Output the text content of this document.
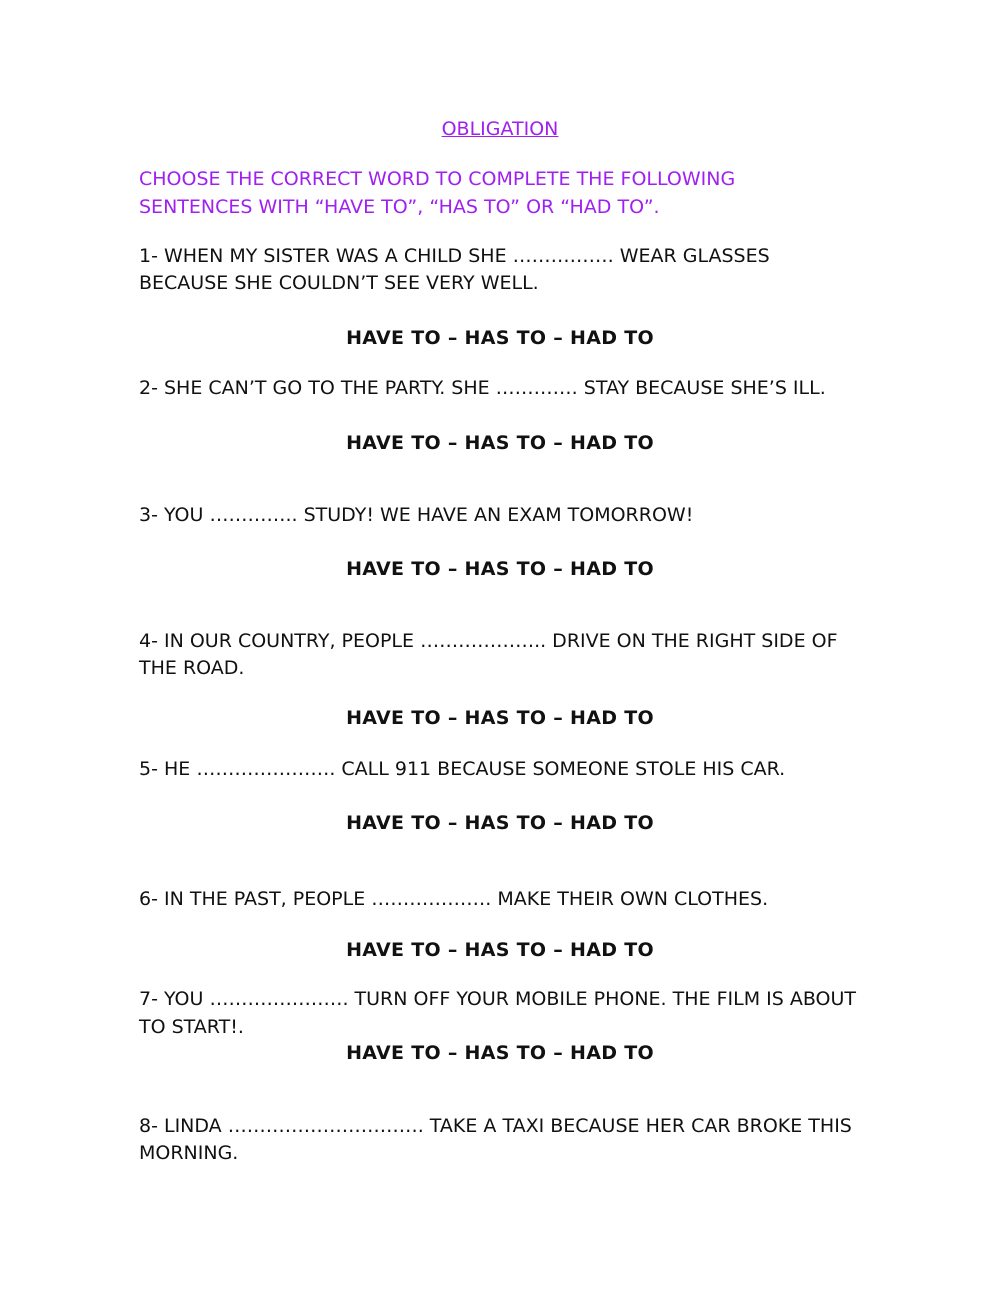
OBLIGATION
CHOOSE THE CORRECT WORD TO COMPLETE THE FOLLOWING
SENTENCES WITH “HAVE TO”, “HAS TO” OR “HAD TO”.
1- WHEN MY SISTER WAS A CHILD SHE ……………. WEAR GLASSES
BECAUSE SHE COULDN’T SEE VERY WELL.
HAVE TO – HAS TO – HAD TO
2- SHE CAN’T GO TO THE PARTY. SHE …………. STAY BECAUSE SHE’S ILL.
HAVE TO – HAS TO – HAD TO
3- YOU ………….. STUDY! WE HAVE AN EXAM TOMORROW!
HAVE TO – HAS TO – HAD TO
4- IN OUR COUNTRY, PEOPLE ……………….. DRIVE ON THE RIGHT SIDE OF
THE ROAD.
HAVE TO – HAS TO – HAD TO
5- HE …………………. CALL 911 BECAUSE SOMEONE STOLE HIS CAR.
HAVE TO – HAS TO – HAD TO
6- IN THE PAST, PEOPLE ………………. MAKE THEIR OWN CLOTHES.
HAVE TO – HAS TO – HAD TO
7- YOU …………………. TURN OFF YOUR MOBILE PHONE. THE FILM IS ABOUT
TO START!.
HAVE TO – HAS TO – HAD TO
8- LINDA …………………………. TAKE A TAXI BECAUSE HER CAR BROKE THIS
MORNING.
